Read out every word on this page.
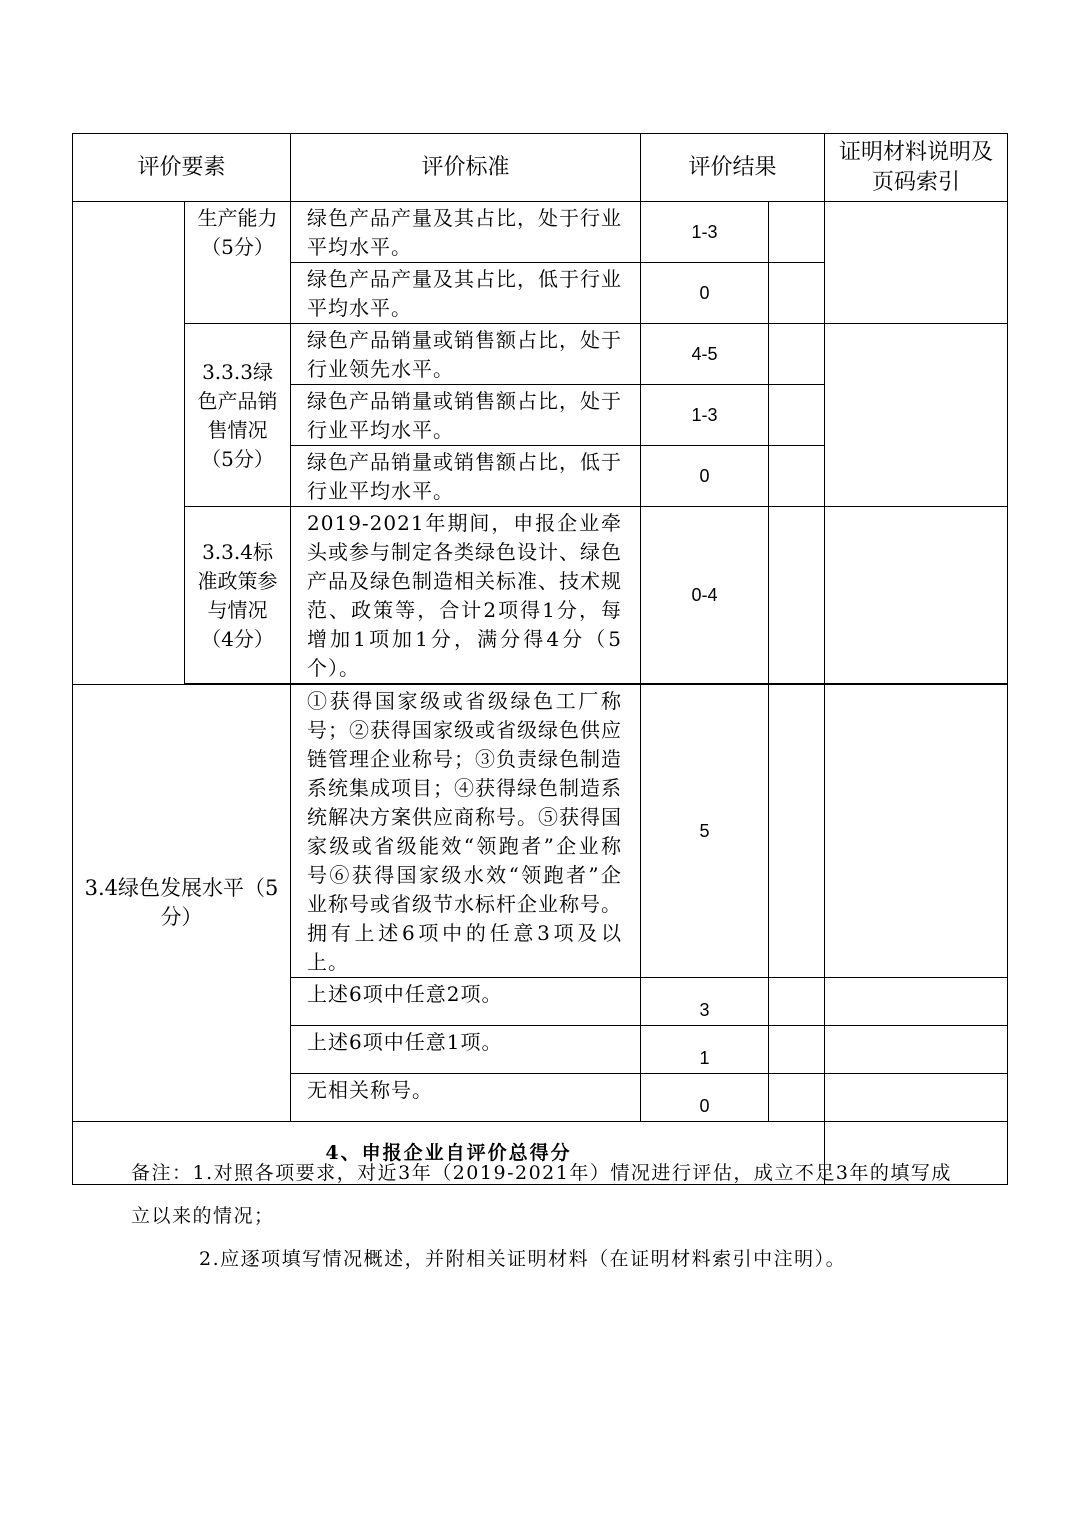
评价要素		评价标准	评价结果		证明材料说明及页码索引
	生产能力（5分）	绿色产品产量及其占比，处于行业平均水平。	1-3		
		绿色产品产量及其占比，低于行业平均水平。	0		
	3.3.3绿色产品销售情况（5分）	绿色产品销量或销售额占比，处于行业领先水平。	4-5		
		绿色产品销量或销售额占比，处于行业平均水平。	1-3		
		绿色产品销量或销售额占比，低于行业平均水平。	0		
	3.3.4标准政策参与情况（4分）	2019-2021年期间，申报企业牵头或参与制定各类绿色设计、绿色产品及绿色制造相关标准、技术规范、政策等，合计2项得1分，每增加1项加1分，满分得4分（5个）。	0-4		

3.4绿色发展水平（5分）		①获得国家级或省级绿色工厂称号；②获得国家级或省级绿色供应链管理企业称号；③负责绿色制造系统集成项目；④获得绿色制造系统解决方案供应商称号。⑤获得国家级或省级能效“领跑者”企业称号⑥获得国家级水效“领跑者”企业称号或省级节水标杆企业称号。拥有上述6项中的任意3项及以上。	5		
		上述6项中任意2项。	3		
		上述6项中任意1项。	1		
		无相关称号。	0		
4、申报企业自评价总得分					

备注：1.对照各项要求，对近3年（2019-2021年）情况进行评估，成立不足3年的填写成立以来的情况；

2.应逐项填写情况概述，并附相关证明材料（在证明材料索引中注明）。
